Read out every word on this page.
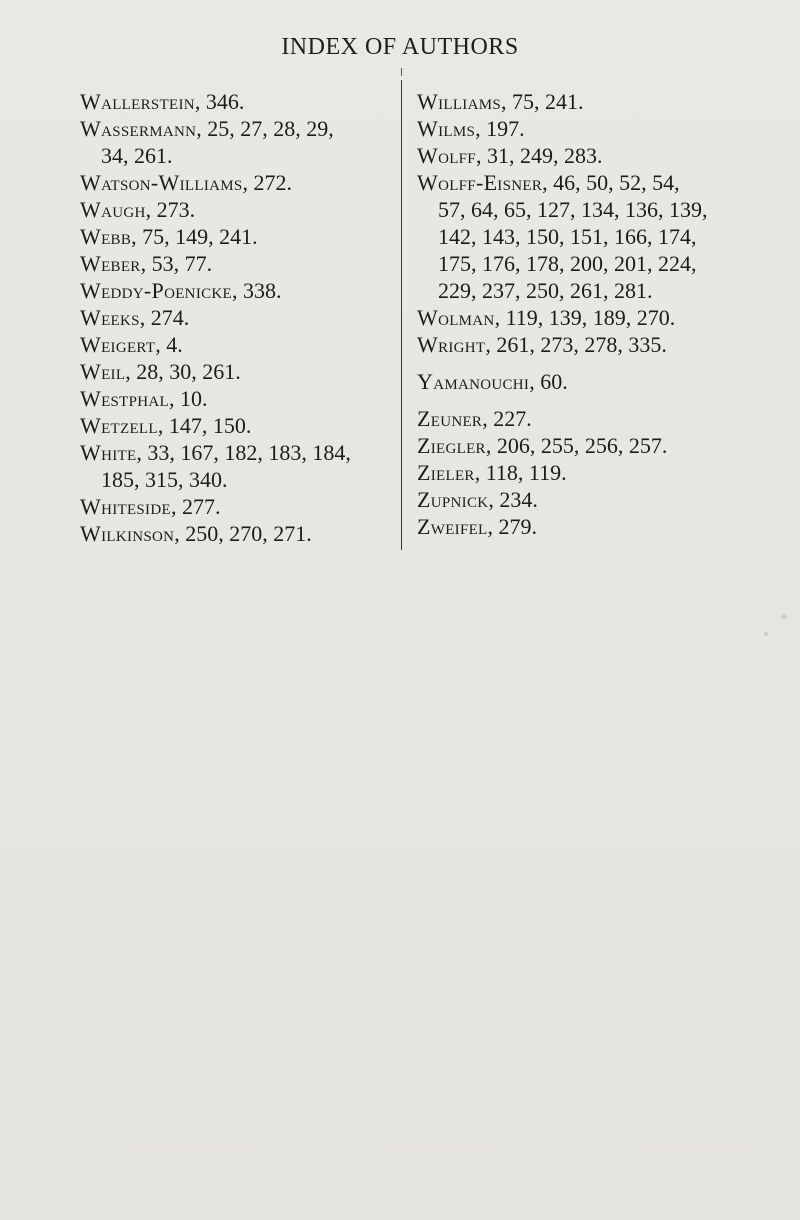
INDEX OF AUTHORS

Wallerstein, 346.

Wassermann, 25, 27, 28, 29,
34, 261.

Watson-Williams, 272.

Waugh, 273.

Webb, 75, 149, 241.

Weber, 53, 77.

Weddy-Poenicke, 338.

Weeks, 274.

Weigert, 4.

Weil, 28, 30, 261.

Westphal, 10.

Wetzell, 147, 150.

White, 33, 167, 182, 183, 184,
185, 315, 340.

Whiteside, 277.

Wilkinson, 250, 270, 271.

Williams, 75, 241.

Wilms, 197.

Wolff, 31, 249, 283.

Wolff-Eisner, 46, 50, 52, 54,
57, 64, 65, 127, 134, 136, 139,
142, 143, 150, 151, 166, 174,
175, 176, 178, 200, 201, 224,
229, 237, 250, 261, 281.

Wolman, 119, 139, 189, 270.

Wright, 261, 273, 278, 335.

Yamanouchi, 60.

Zeuner, 227.

Ziegler, 206, 255, 256, 257.

Zieler, 118, 119.

Zupnick, 234.

Zweifel, 279.
